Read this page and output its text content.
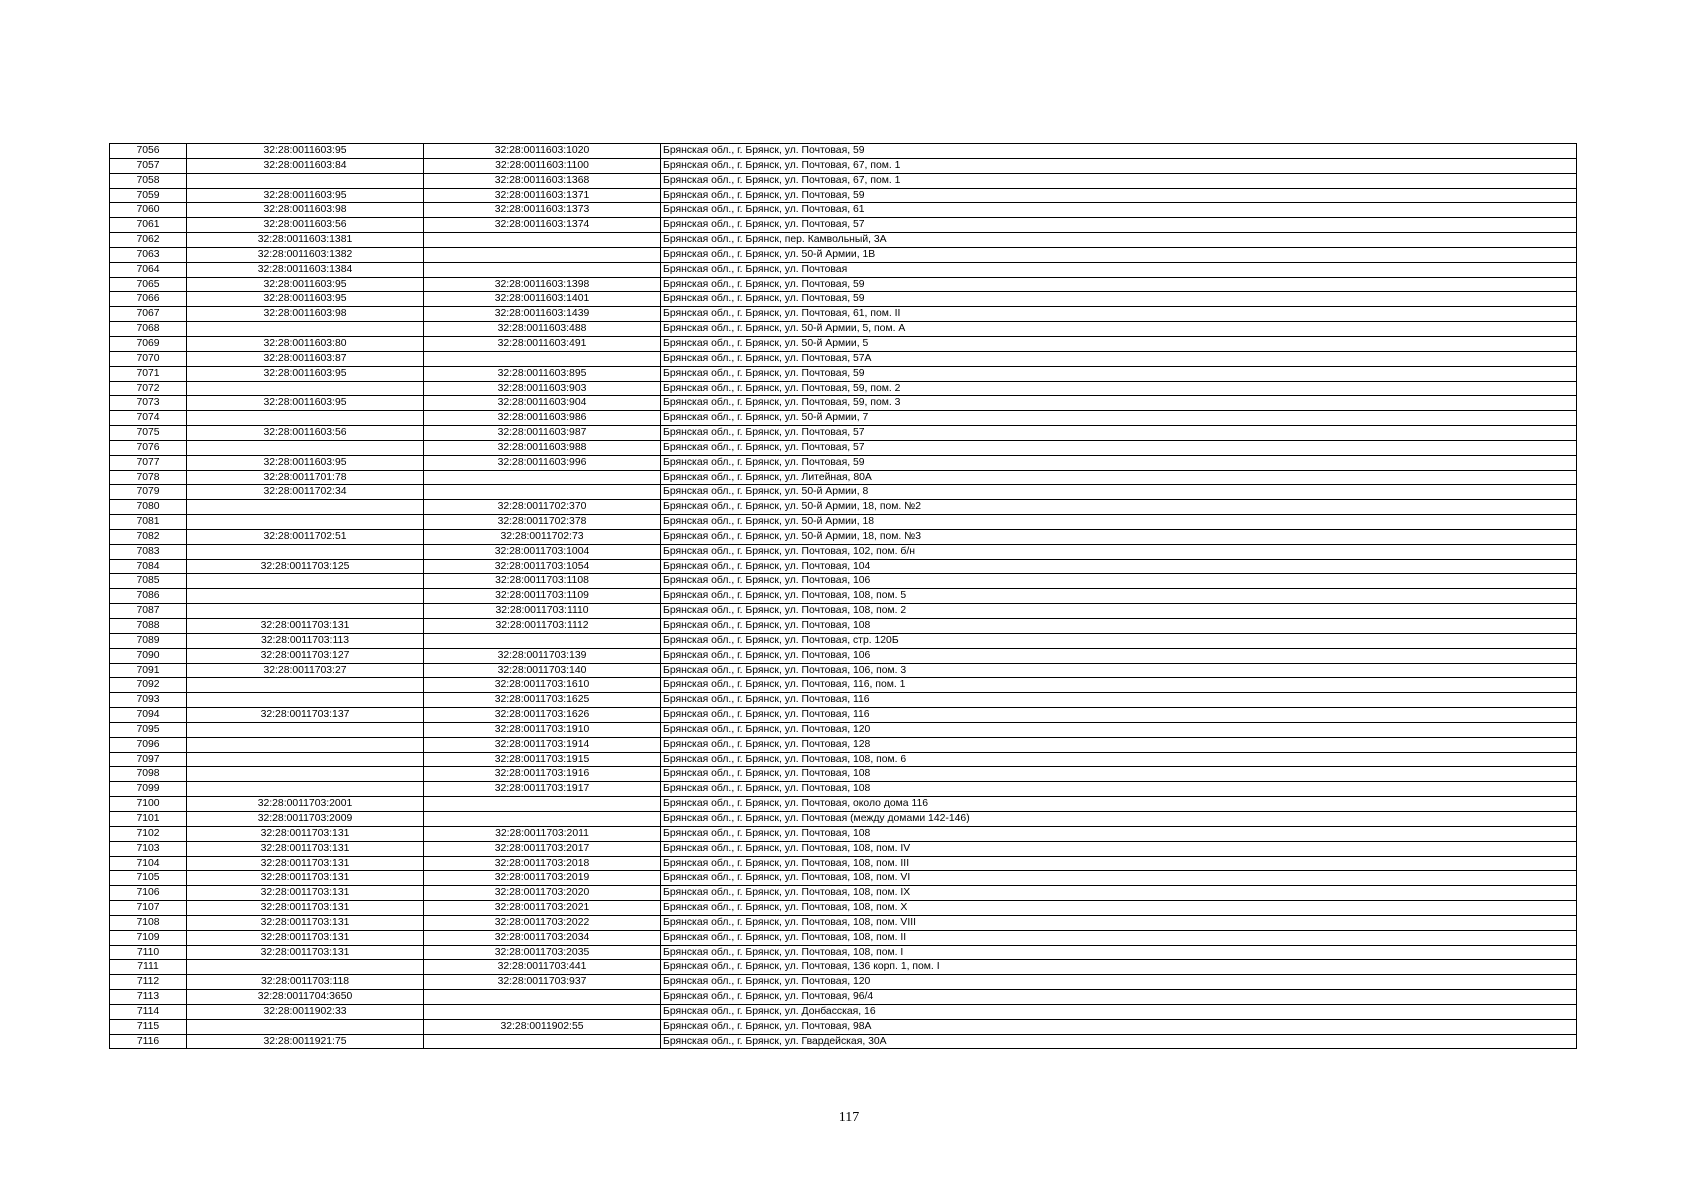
7056	32:28:0011603:95	32:28:0011603:1020	Брянская обл., г. Брянск, ул. Почтовая, 59
7057	32:28:0011603:84	32:28:0011603:1100	Брянская обл., г. Брянск, ул. Почтовая, 67, пом. 1
7058		32:28:0011603:1368	Брянская обл., г. Брянск, ул. Почтовая, 67, пом. 1
7059	32:28:0011603:95	32:28:0011603:1371	Брянская обл., г. Брянск, ул. Почтовая, 59
7060	32:28:0011603:98	32:28:0011603:1373	Брянская обл., г. Брянск, ул. Почтовая, 61
7061	32:28:0011603:56	32:28:0011603:1374	Брянская обл., г. Брянск, ул. Почтовая, 57
7062	32:28:0011603:1381		Брянская обл., г. Брянск, пер. Камвольный, 3А
7063	32:28:0011603:1382		Брянская обл., г. Брянск, ул. 50-й Армии, 1В
7064	32:28:0011603:1384		Брянская обл., г. Брянск, ул. Почтовая
7065	32:28:0011603:95	32:28:0011603:1398	Брянская обл., г. Брянск, ул. Почтовая, 59
7066	32:28:0011603:95	32:28:0011603:1401	Брянская обл., г. Брянск, ул. Почтовая, 59
7067	32:28:0011603:98	32:28:0011603:1439	Брянская обл., г. Брянск, ул. Почтовая, 61, пом. II
7068		32:28:0011603:488	Брянская обл., г. Брянск, ул. 50-й Армии, 5, пом. А
7069	32:28:0011603:80	32:28:0011603:491	Брянская обл., г. Брянск, ул. 50-й Армии, 5
7070	32:28:0011603:87		Брянская обл., г. Брянск, ул. Почтовая, 57А
7071	32:28:0011603:95	32:28:0011603:895	Брянская обл., г. Брянск, ул. Почтовая, 59
7072		32:28:0011603:903	Брянская обл., г. Брянск, ул. Почтовая, 59, пом. 2
7073	32:28:0011603:95	32:28:0011603:904	Брянская обл., г. Брянск, ул. Почтовая, 59, пом. 3
7074		32:28:0011603:986	Брянская обл., г. Брянск, ул. 50-й Армии, 7
7075	32:28:0011603:56	32:28:0011603:987	Брянская обл., г. Брянск, ул. Почтовая, 57
7076		32:28:0011603:988	Брянская обл., г. Брянск, ул. Почтовая, 57
7077	32:28:0011603:95	32:28:0011603:996	Брянская обл., г. Брянск, ул. Почтовая, 59
7078	32:28:0011701:78		Брянская обл., г. Брянск, ул. Литейная, 80А
7079	32:28:0011702:34		Брянская обл., г. Брянск, ул. 50-й Армии, 8
7080		32:28:0011702:370	Брянская обл., г. Брянск, ул. 50-й Армии, 18, пом. №2
7081		32:28:0011702:378	Брянская обл., г. Брянск, ул. 50-й Армии, 18
7082	32:28:0011702:51	32:28:0011702:73	Брянская обл., г. Брянск, ул. 50-й Армии, 18, пом. №3
7083		32:28:0011703:1004	Брянская обл., г. Брянск, ул. Почтовая, 102, пом. б/н
7084	32:28:0011703:125	32:28:0011703:1054	Брянская обл., г. Брянск, ул. Почтовая, 104
7085		32:28:0011703:1108	Брянская обл., г. Брянск, ул. Почтовая, 106
7086		32:28:0011703:1109	Брянская обл., г. Брянск, ул. Почтовая, 108, пом. 5
7087		32:28:0011703:1110	Брянская обл., г. Брянск, ул. Почтовая, 108, пом. 2
7088	32:28:0011703:131	32:28:0011703:1112	Брянская обл., г. Брянск, ул. Почтовая, 108
7089	32:28:0011703:113		Брянская обл., г. Брянск, ул. Почтовая, стр. 120Б
7090	32:28:0011703:127	32:28:0011703:139	Брянская обл., г. Брянск, ул. Почтовая, 106
7091	32:28:0011703:27	32:28:0011703:140	Брянская обл., г. Брянск, ул. Почтовая, 106, пом. 3
7092		32:28:0011703:1610	Брянская обл., г. Брянск, ул. Почтовая, 116, пом. 1
7093		32:28:0011703:1625	Брянская обл., г. Брянск, ул. Почтовая, 116
7094	32:28:0011703:137	32:28:0011703:1626	Брянская обл., г. Брянск, ул. Почтовая, 116
7095		32:28:0011703:1910	Брянская обл., г. Брянск, ул. Почтовая, 120
7096		32:28:0011703:1914	Брянская обл., г. Брянск, ул. Почтовая, 128
7097		32:28:0011703:1915	Брянская обл., г. Брянск, ул. Почтовая, 108, пом. 6
7098		32:28:0011703:1916	Брянская обл., г. Брянск, ул. Почтовая, 108
7099		32:28:0011703:1917	Брянская обл., г. Брянск, ул. Почтовая, 108
7100	32:28:0011703:2001		Брянская обл., г. Брянск, ул. Почтовая, около дома 116
7101	32:28:0011703:2009		Брянская обл., г. Брянск, ул. Почтовая (между домами 142-146)
7102	32:28:0011703:131	32:28:0011703:2011	Брянская обл., г. Брянск, ул. Почтовая, 108
7103	32:28:0011703:131	32:28:0011703:2017	Брянская обл., г. Брянск, ул. Почтовая, 108, пом. IV
7104	32:28:0011703:131	32:28:0011703:2018	Брянская обл., г. Брянск, ул. Почтовая, 108, пом. III
7105	32:28:0011703:131	32:28:0011703:2019	Брянская обл., г. Брянск, ул. Почтовая, 108, пом. VI
7106	32:28:0011703:131	32:28:0011703:2020	Брянская обл., г. Брянск, ул. Почтовая, 108, пом. IX
7107	32:28:0011703:131	32:28:0011703:2021	Брянская обл., г. Брянск, ул. Почтовая, 108, пом. X
7108	32:28:0011703:131	32:28:0011703:2022	Брянская обл., г. Брянск, ул. Почтовая, 108, пом. VIII
7109	32:28:0011703:131	32:28:0011703:2034	Брянская обл., г. Брянск, ул. Почтовая, 108, пом. II
7110	32:28:0011703:131	32:28:0011703:2035	Брянская обл., г. Брянск, ул. Почтовая, 108, пом. I
7111		32:28:0011703:441	Брянская обл., г. Брянск, ул. Почтовая, 136 корп. 1, пом. I
7112	32:28:0011703:118	32:28:0011703:937	Брянская обл., г. Брянск, ул. Почтовая, 120
7113	32:28:0011704:3650		Брянская обл., г. Брянск, ул. Почтовая, 96/4
7114	32:28:0011902:33		Брянская обл., г. Брянск, ул. Донбасская, 16
7115		32:28:0011902:55	Брянская обл., г. Брянск, ул. Почтовая, 98А
7116	32:28:0011921:75		Брянская обл., г. Брянск, ул. Гвардейская, 30А
117
